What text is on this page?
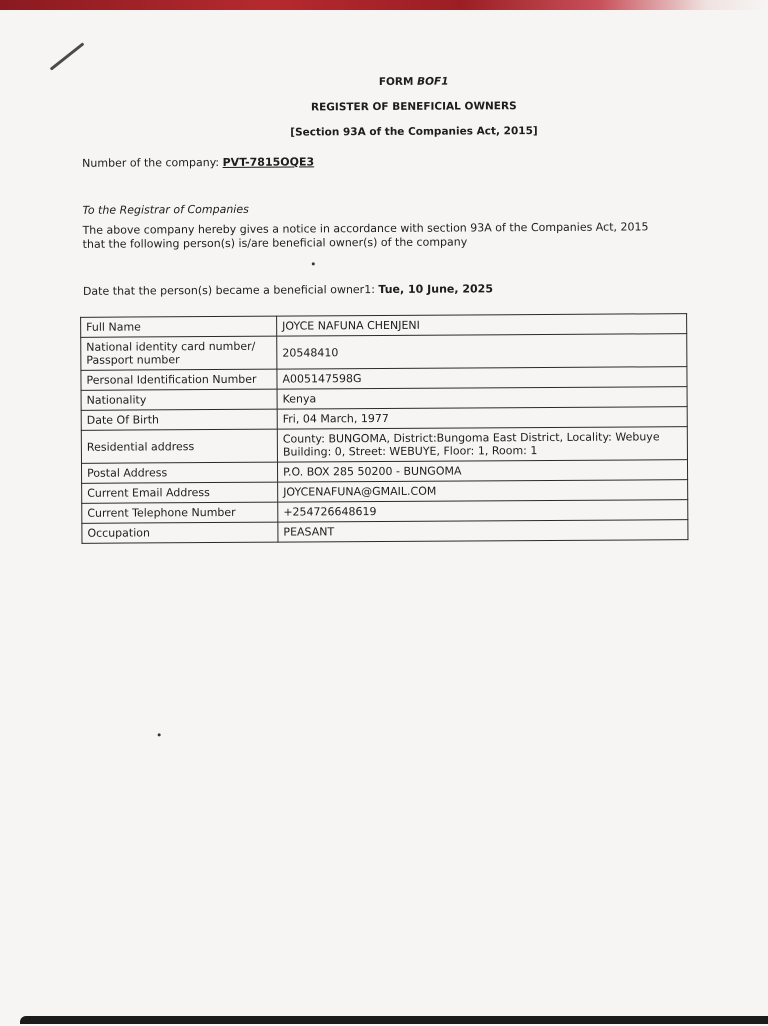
FORM BOF1
REGISTER OF BENEFICIAL OWNERS
[Section 93A of the Companies Act, 2015]
Number of the company: PVT-7815OQE3
To the Registrar of Companies
The above company hereby gives a notice in accordance with section 93A of the Companies Act, 2015
that the following person(s) is/are beneficial owner(s) of the company
Date that the person(s) became a beneficial owner1: Tue, 10 June, 2025
Full Name	JOYCE NAFUNA CHENJENI
National identity card number/ Passport number	20548410
Personal Identification Number	A005147598G
Nationality	Kenya
Date Of Birth	Fri, 04 March, 1977
Residential address	County: BUNGOMA, District:Bungoma East District, Locality: Webuye Building: 0, Street: WEBUYE, Floor: 1, Room: 1
Postal Address	P.O. BOX 285 50200 - BUNGOMA
Current Email Address	JOYCENAFUNA@GMAIL.COM
Current Telephone Number	+254726648619
Occupation	PEASANT
